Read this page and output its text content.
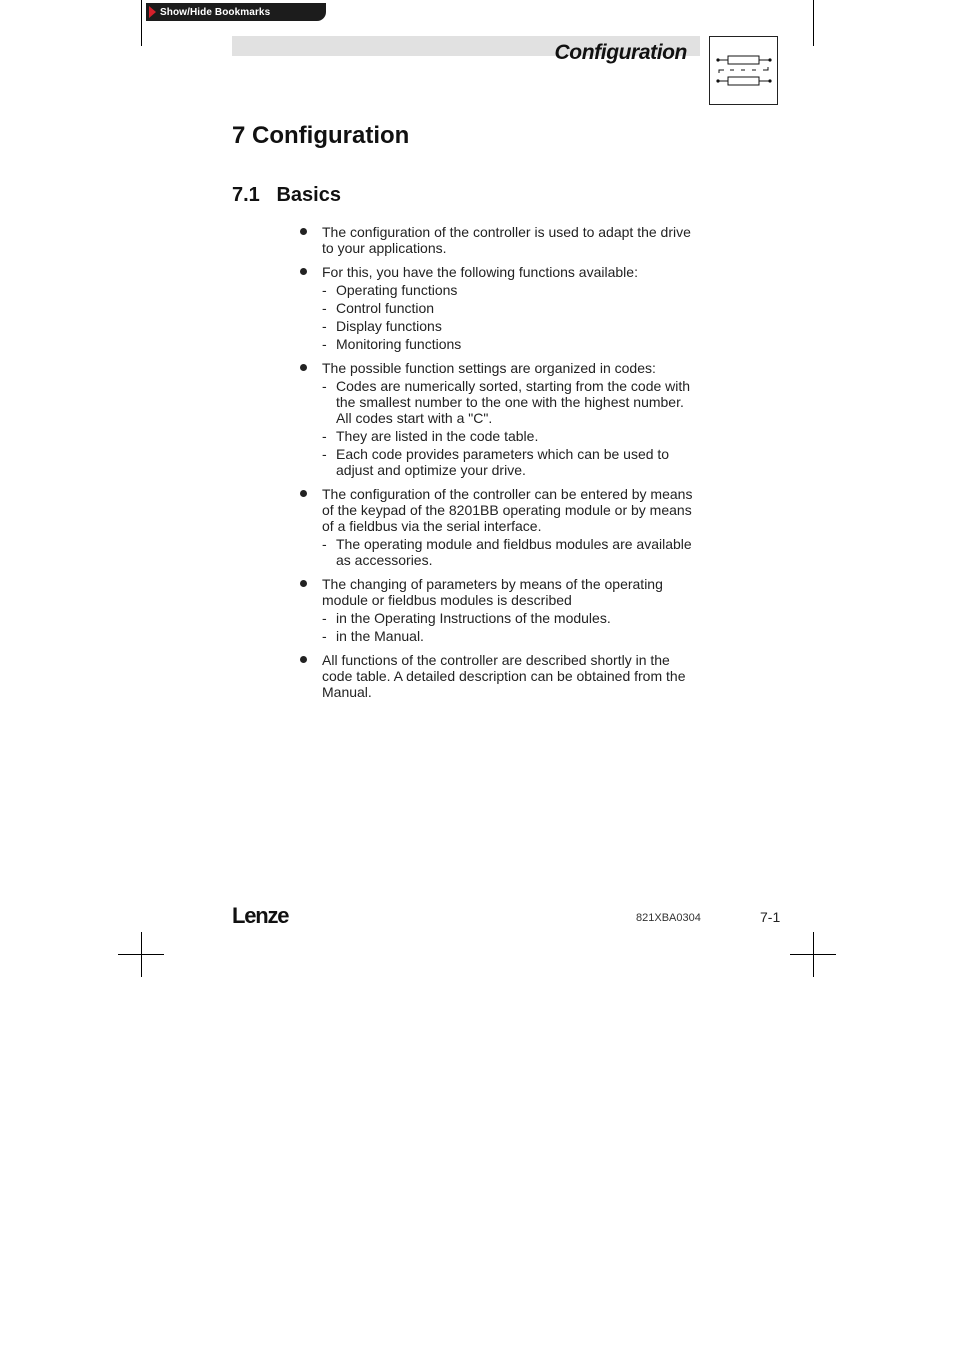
Show/Hide Bookmarks
Configuration
7 Configuration
7.1 Basics
The configuration of the controller is used to adapt the drive to your applications.
For this, you have the following functions available:
- Operating functions
- Control function
- Display functions
- Monitoring functions
The possible function settings are organized in codes:
- Codes are numerically sorted, starting from the code with the smallest number to the one with the highest number. All codes start with a "C".
- They are listed in the code table.
- Each code provides parameters which can be used to adjust and optimize your drive.
The configuration of the controller can be entered by means of the keypad of the 8201BB operating module or by means of a fieldbus via the serial interface.
- The operating module and fieldbus modules are available as accessories.
The changing of parameters by means of the operating module or fieldbus modules is described
- in the Operating Instructions of the modules.
- in the Manual.
All functions of the controller are described shortly in the code table. A detailed description can be obtained from the Manual.
Lenze	821XBA0304	7-1
